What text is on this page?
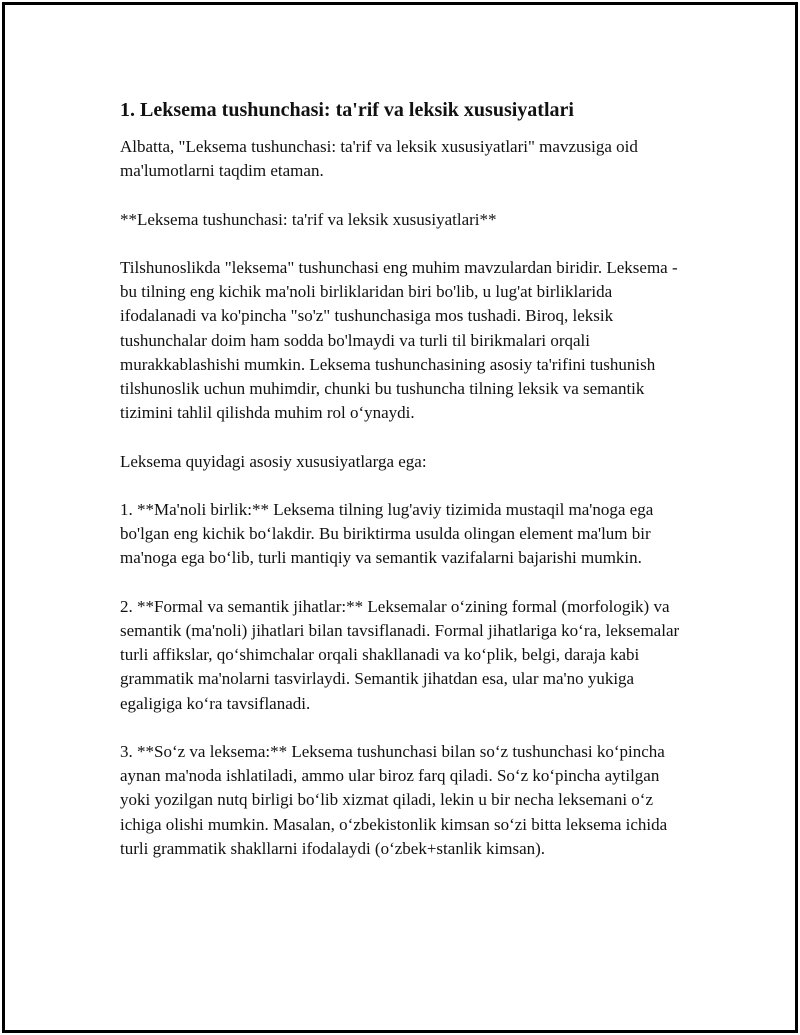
1. Leksema tushunchasi: ta'rif va leksik xususiyatlari

Albatta, "Leksema tushunchasi: ta'rif va leksik xususiyatlari" mavzusiga oid ma'lumotlarni taqdim etaman.

**Leksema tushunchasi: ta'rif va leksik xususiyatlari**

Tilshunoslikda "leksema" tushunchasi eng muhim mavzulardan biridir. Leksema - bu tilning eng kichik ma'noli birliklaridan biri bo'lib, u lug'at birliklarida ifodalanadi va ko'pincha "so'z" tushunchasiga mos tushadi. Biroq, leksik tushunchalar doim ham sodda bo'lmaydi va turli til birikmalari orqali murakkablashishi mumkin. Leksema tushunchasining asosiy ta'rifini tushunish tilshunoslik uchun muhimdir, chunki bu tushuncha tilning leksik va semantik tizimini tahlil qilishda muhim rol o‘ynaydi.

Leksema quyidagi asosiy xususiyatlarga ega:

1. **Ma'noli birlik:** Leksema tilning lug'aviy tizimida mustaqil ma'noga ega bo'lgan eng kichik bo‘lakdir. Bu biriktirma usulda olingan element ma'lum bir ma'noga ega bo‘lib, turli mantiqiy va semantik vazifalarni bajarishi mumkin.

2. **Formal va semantik jihatlar:** Leksemalar o‘zining formal (morfologik) va semantik (ma'noli) jihatlari bilan tavsiflanadi. Formal jihatlariga ko‘ra, leksemalar turli affikslar, qo‘shimchalar orqali shakllanadi va ko‘plik, belgi, daraja kabi grammatik ma'nolarni tasvirlaydi. Semantik jihatdan esa, ular ma'no yukiga egaligiga ko‘ra tavsiflanadi.

3. **So‘z va leksema:** Leksema tushunchasi bilan so‘z tushunchasi ko‘pincha aynan ma'noda ishlatiladi, ammo ular biroz farq qiladi. So‘z ko‘pincha aytilgan yoki yozilgan nutq birligi bo‘lib xizmat qiladi, lekin u bir necha leksemani o‘z ichiga olishi mumkin. Masalan, o‘zbekistonlik kimsan so‘zi bitta leksema ichida turli grammatik shakllarni ifodalaydi (o‘zbek+stanlik kimsan).
